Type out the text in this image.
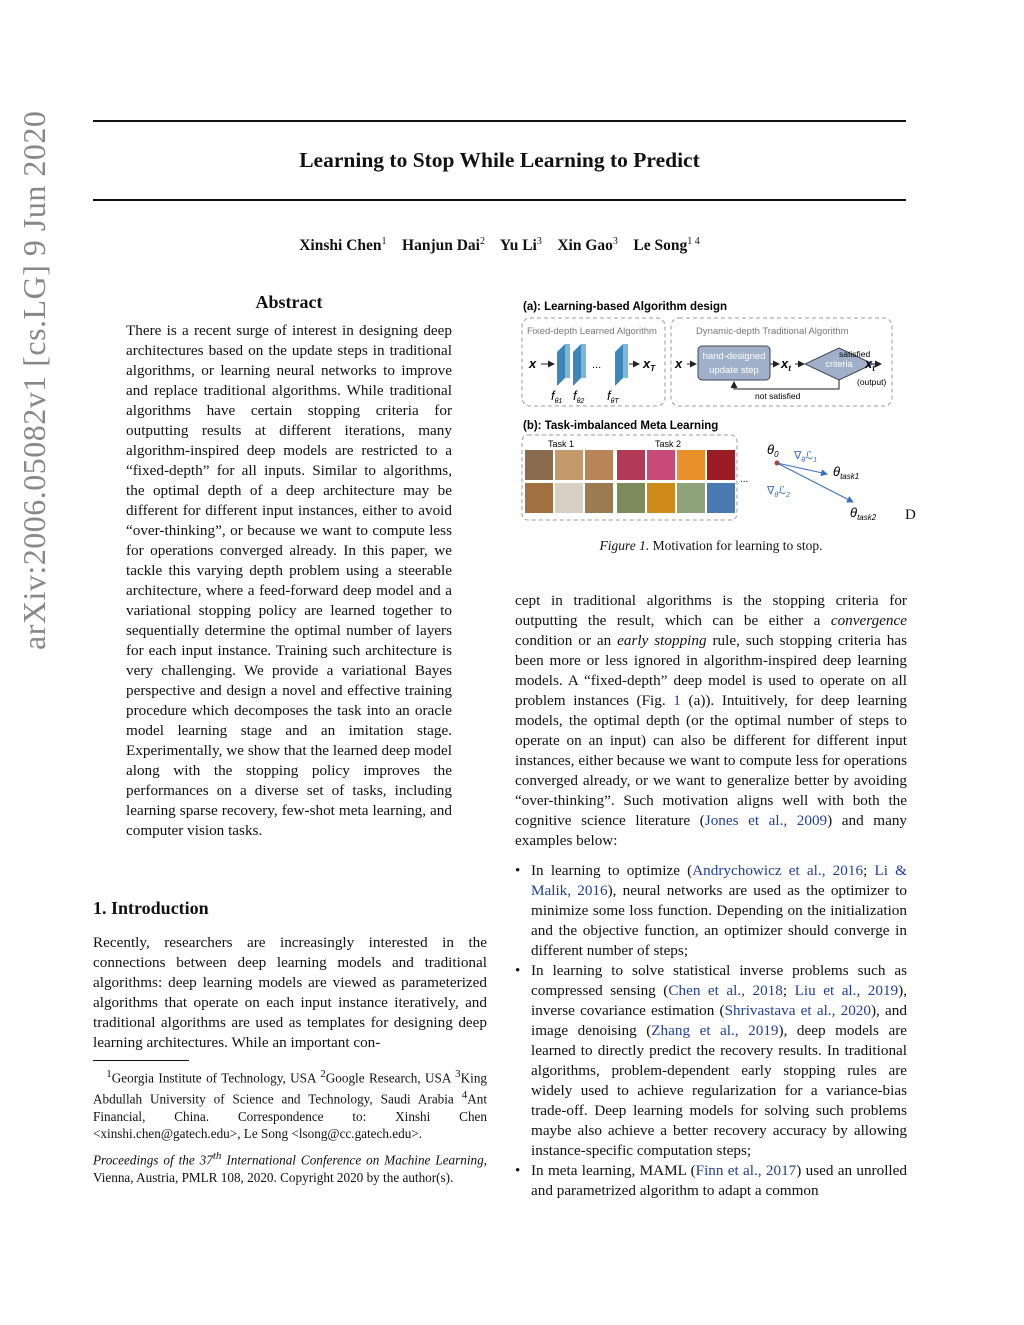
Learning to Stop While Learning to Predict
Xinshi Chen$^1$ Hanjun Dai$^2$ Yu Li$^3$ Xin Gao$^3$ Le Song$^{1 4}$
arXiv:2006.05082v1 [cs.LG] 9 Jun 2020	Abstract
There is a recent surge of interest in designing deep architectures based on the update steps in traditional algorithms, or learning neural networks to improve and replace traditional algorithms. While traditional algorithms have certain stopping criteria for outputting results at different iterations, many algorithm-inspired deep models are restricted to a “fixed-depth” for all inputs. Similar to algorithms, the optimal depth of a deep architecture may be different for different input instances, either to avoid “over-thinking”, or because we want to compute less for operations converged already. In this paper, we tackle this varying depth problem using a steerable architecture, where a feed-forward deep model and a variational stopping policy are learned together to sequentially determine the optimal number of layers for each input instance. Training such architecture is very challenging. We provide a variational Bayes perspective and design a novel and effective training procedure which decomposes the task into an oracle model learning stage and an imitation stage. Experimentally, we show that the learned deep model along with the stopping policy improves the performances on a diverse set of tasks, including learning sparse recovery, few-shot meta learning, and computer vision tasks.
1. Introduction
Recently, researchers are increasingly interested in the connections between deep learning models and traditional algorithms: deep learning models are viewed as parameterized algorithms that operate on each input instance iteratively, and traditional algorithms are used as templates for designing deep learning architectures. While an important con-
$^1$Georgia Institute of Technology, USA $^2$Google Research, USA $^3$King Abdullah University of Science and Technology, Saudi Arabia $^4$Ant Financial, China. Correspondence to: Xinshi Chen <xinshi.chen@gatech.edu>, Le Song <lsong@cc.gatech.edu>.
Proceedings of the 37th International Conference on Machine Learning, Vienna, Austria, PMLR 108, 2020. Copyright 2020 by the author(s).
(a): Learning-based Algorithm design
Fixed-depth Learned Algorithm	Dynamic-depth Traditional Algorithm
x	...	$x_T$
$f_{\theta 1}$ $f_{\theta 2}$ $f_{\theta T}$
x hand-designed
update step $x_t$	criteria
satisfied
$x_t$
(output)
not satisfied
(b): Task-imbalanced Meta Learning
Task 1	Task 2
...
$\theta_0$ $\nabla_\theta ℒ_1$
$\nabla_\theta ℒ_2$
$\theta_{task1}$
$\theta_{task2}$ D
Figure 1. Motivation for learning to stop.
cept in traditional algorithms is the stopping criteria for outputting the result, which can be either a convergence condition or an early stopping rule, such stopping criteria has been more or less ignored in algorithm-inspired deep learning models. A “fixed-depth” deep model is used to operate on all problem instances (Fig. 1 (a)). Intuitively, for deep learning models, the optimal depth (or the optimal number of steps to operate on an input) can also be different for different input instances, either because we want to compute less for operations converged already, or we want to generalize better by avoiding “over-thinking”. Such motivation aligns well with both the cognitive science literature (Jones et al., 2009) and many examples below:
• In learning to optimize (Andrychowicz et al., 2016; Li & Malik, 2016), neural networks are used as the optimizer to minimize some loss function. Depending on the initialization and the objective function, an optimizer should converge in different number of steps;
• In learning to solve statistical inverse problems such as compressed sensing (Chen et al., 2018; Liu et al., 2019), inverse covariance estimation (Shrivastava et al., 2020), and image denoising (Zhang et al., 2019), deep models are learned to directly predict the recovery results. In traditional algorithms, problem-dependent early stopping rules are widely used to achieve regularization for a variance-bias trade-off. Deep learning models for solving such problems maybe also achieve a better recovery accuracy by allowing instance-specific computation steps;
• In meta learning, MAML (Finn et al., 2017) used an unrolled and parametrized algorithm to adapt a common
